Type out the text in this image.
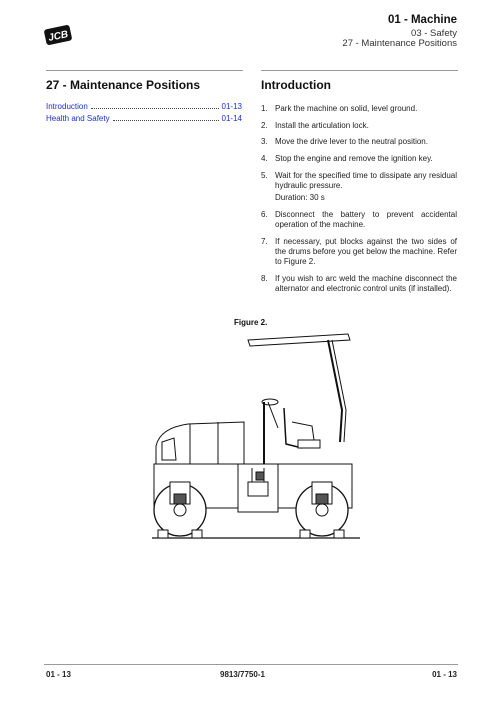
JCB
01 - Machine
03 - Safety
27 - Maintenance Positions
27 - Maintenance Positions	Introduction
Introduction	01-13
Health and Safety	01-14
1. Park the machine on solid, level ground.
2. Install the articulation lock.
3. Move the drive lever to the neutral position.
4. Stop the engine and remove the ignition key.
5. Wait for the specified time to dissipate any residual hydraulic pressure.
Duration: 30 s
6. Disconnect the battery to prevent accidental operation of the machine.
7. If necessary, put blocks against the two sides of the drums before you get below the machine. Refer to Figure 2.
8. If you wish to arc weld the machine disconnect the alternator and electronic control units (if installed).
Figure 2.
01 - 13	9813/7750-1	01 - 13
